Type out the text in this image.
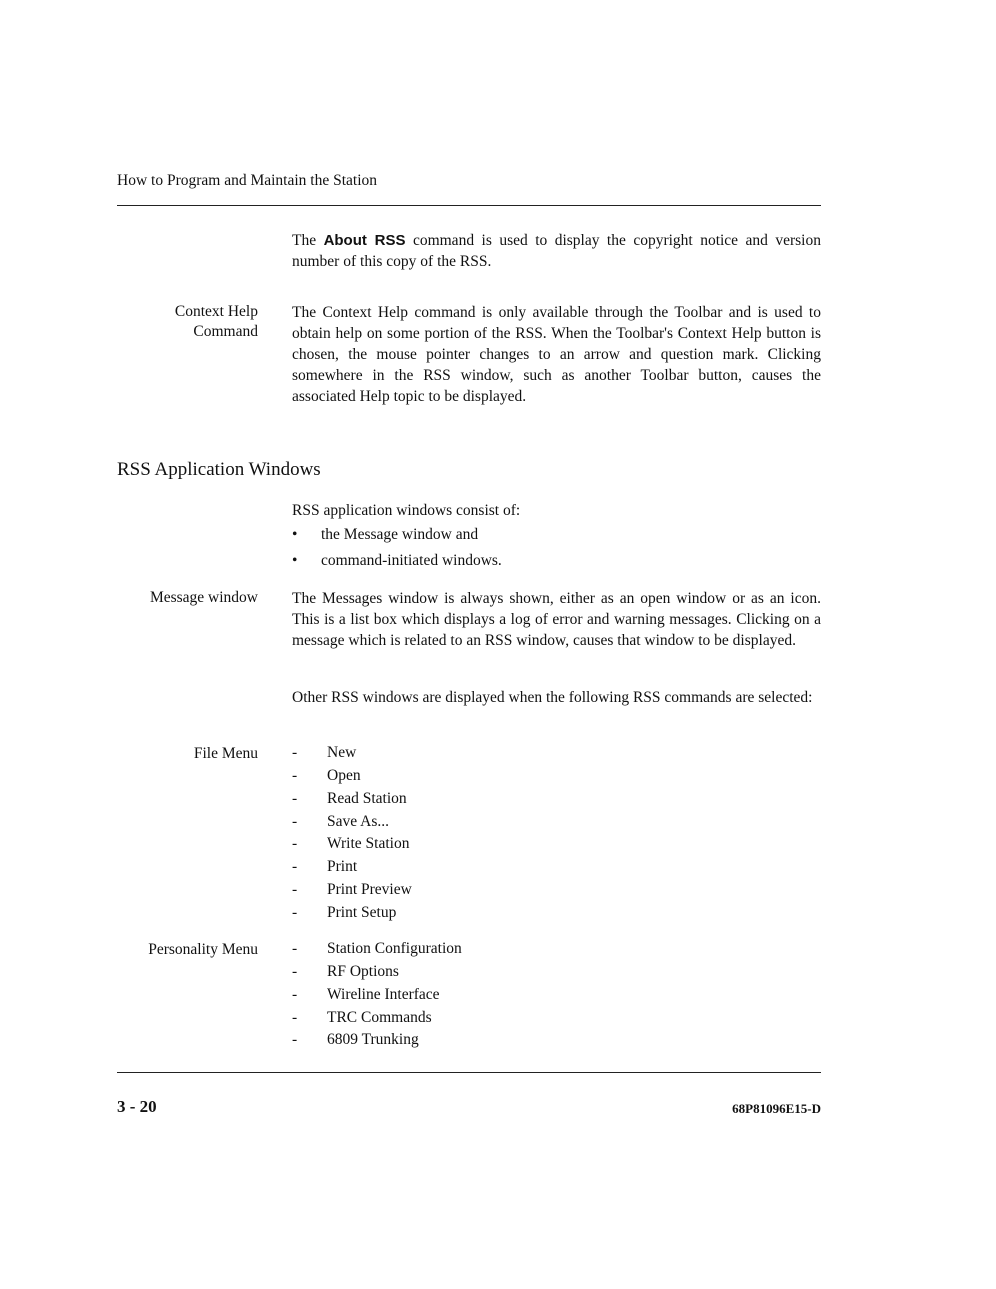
How to Program and Maintain the Station
The About RSS command is used to display the copyright notice and version number of this copy of the RSS.
Context Help
Command
The Context Help command is only available through the Toolbar and is used to obtain help on some portion of the RSS. When the Toolbar's Context Help button is chosen, the mouse pointer changes to an arrow and question mark. Clicking somewhere in the RSS window, such as another Toolbar button, causes the associated Help topic to be displayed.
RSS Application Windows
RSS application windows consist of:
• the Message window and
• command-initiated windows.
Message window The Messages window is always shown, either as an open window or as an icon. This is a list box which displays a log of error and warning messages. Clicking on a message which is related to an RSS window, causes that window to be displayed.
Other RSS windows are displayed when the following RSS commands are selected:
File Menu - New
- Open
- Read Station
- Save As...
- Write Station
- Print
- Print Preview
- Print Setup
Personality Menu - Station Configuration
- RF Options
- Wireline Interface
- TRC Commands
- 6809 Trunking
3 - 20	68P81096E15-D
